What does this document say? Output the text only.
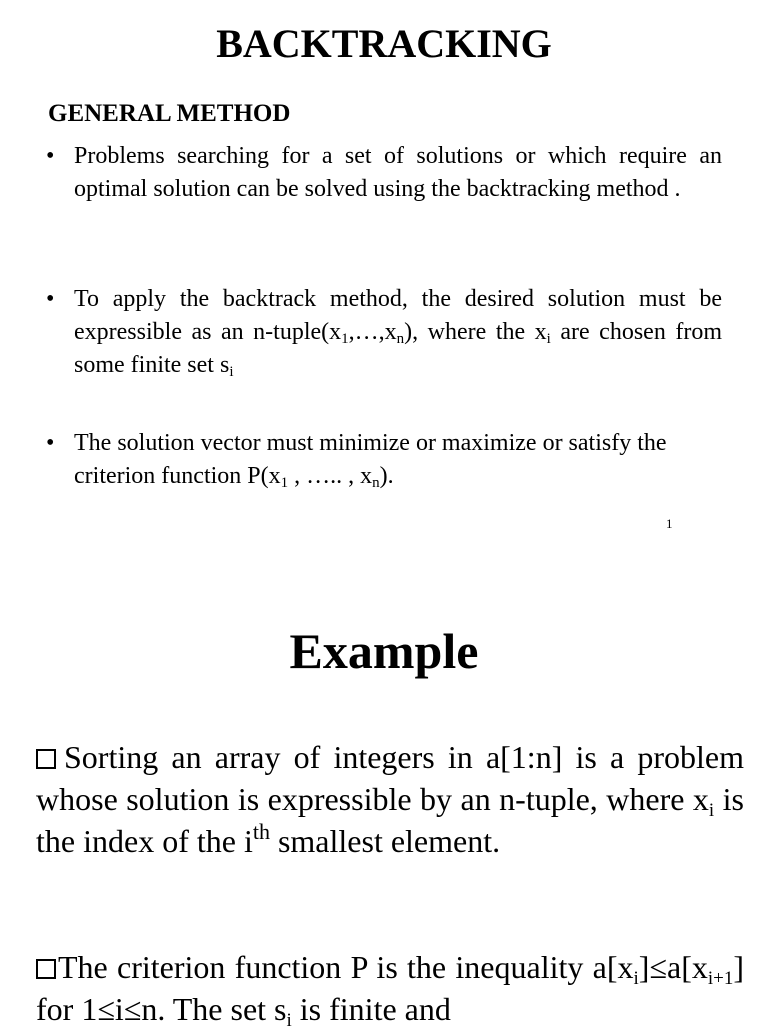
BACKTRACKING
GENERAL METHOD
• Problems searching for a set of solutions or which require an optimal solution can be solved using the backtracking method .
• To apply the backtrack method, the desired solution must be expressible as an $n-tuple(x_1,\dots,x_n)$, where the $x_i$ are chosen from some finite set $s_i$
• The solution vector must minimize or maximize or satisfy the criterion function $P(x_1$ , ….. , $x_n$).
1
Example
Sorting an array of integers in a[1:n] is a problem whose solution is expressible by an n-tuple, where $x_i$ is the index of the $i^{th}$ smallest element.
The criterion function P is the inequality $a[x_i]\le a[x_{i+1}]$ for 1≤i≤n. The set $s_i$ is finite and
